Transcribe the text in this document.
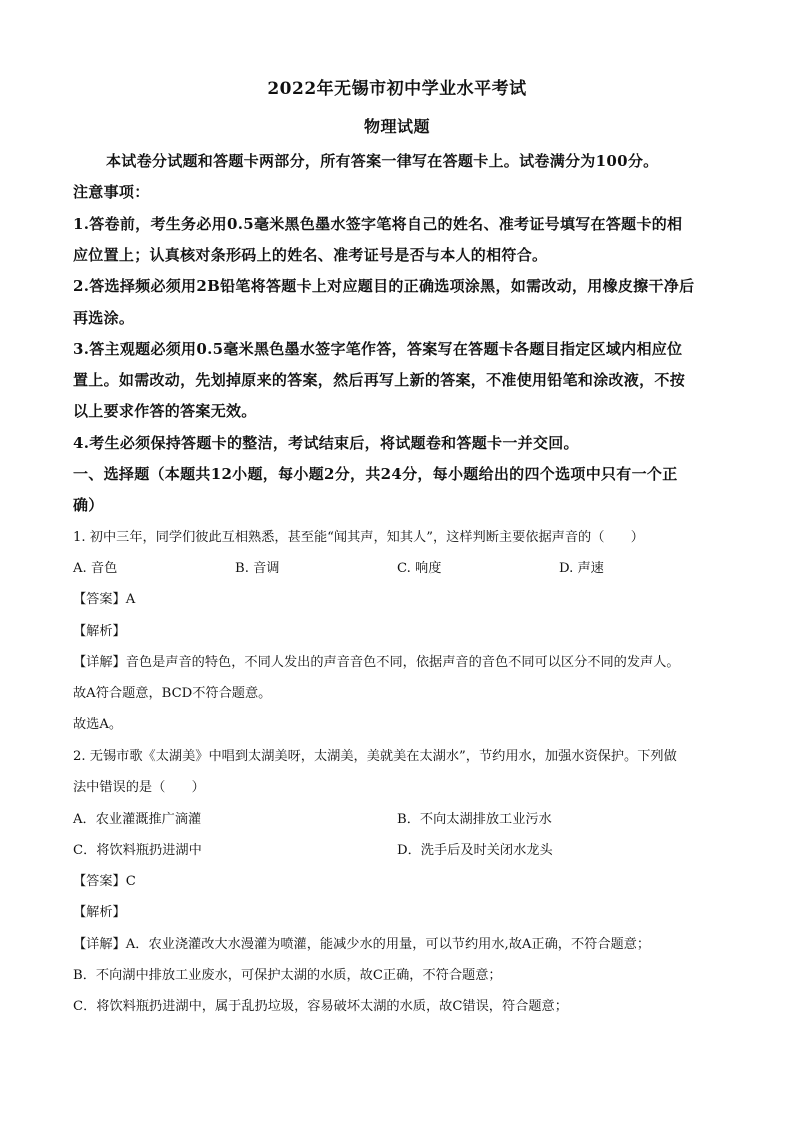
2022年无锡市初中学业水平考试
物理试题
本试卷分试题和答题卡两部分，所有答案一律写在答题卡上。试卷满分为100分。
注意事项：
1.答卷前，考生务必用0.5毫米黑色墨水签字笔将自己的姓名、准考证号填写在答题卡的相
应位置上；认真核对条形码上的姓名、准考证号是否与本人的相符合。
2.答选择频必须用2B铅笔将答题卡上对应题目的正确选项涂黑，如需改动，用橡皮擦干净后
再选涂。
3.答主观题必须用0.5毫米黑色墨水签字笔作答，答案写在答题卡各题目指定区域内相应位
置上。如需改动，先划掉原来的答案，然后再写上新的答案，不准使用铅笔和涂改液，不按
以上要求作答的答案无效。
4.考生必须保持答题卡的整洁，考试结束后，将试题卷和答题卡一并交回。
一、选择题（本题共12小题，每小题2分，共24分，每小题给出的四个选项中只有一个正
确）
1. 初中三年，同学们彼此互相熟悉，甚至能“闻其声，知其人”，这样判断主要依据声音的（　　）
A. 音色	B. 音调	C. 响度	D. 声速
【答案】A
【解析】
【详解】音色是声音的特色，不同人发出的声音音色不同，依据声音的音色不同可以区分不同的发声人。
故A符合题意，BCD不符合题意。
故选A。
2. 无锡市歌《太湖美》中唱到太湖美呀，太湖美，美就美在太湖水”，节约用水，加强水资保护。下列做
法中错误的是（　　）
A．农业灌溉推广滴灌	B．不向太湖排放工业污水
C．将饮料瓶扔进湖中	D．洗手后及时关闭水龙头
【答案】C
【解析】
【详解】A．农业浇灌改大水漫灌为喷灌，能减少水的用量，可以节约用水,故A正确，不符合题意；
B．不向湖中排放工业废水，可保护太湖的水质，故C正确，不符合题意；
C．将饮料瓶扔进湖中，属于乱扔垃圾，容易破坏太湖的水质，故C错误，符合题意；
